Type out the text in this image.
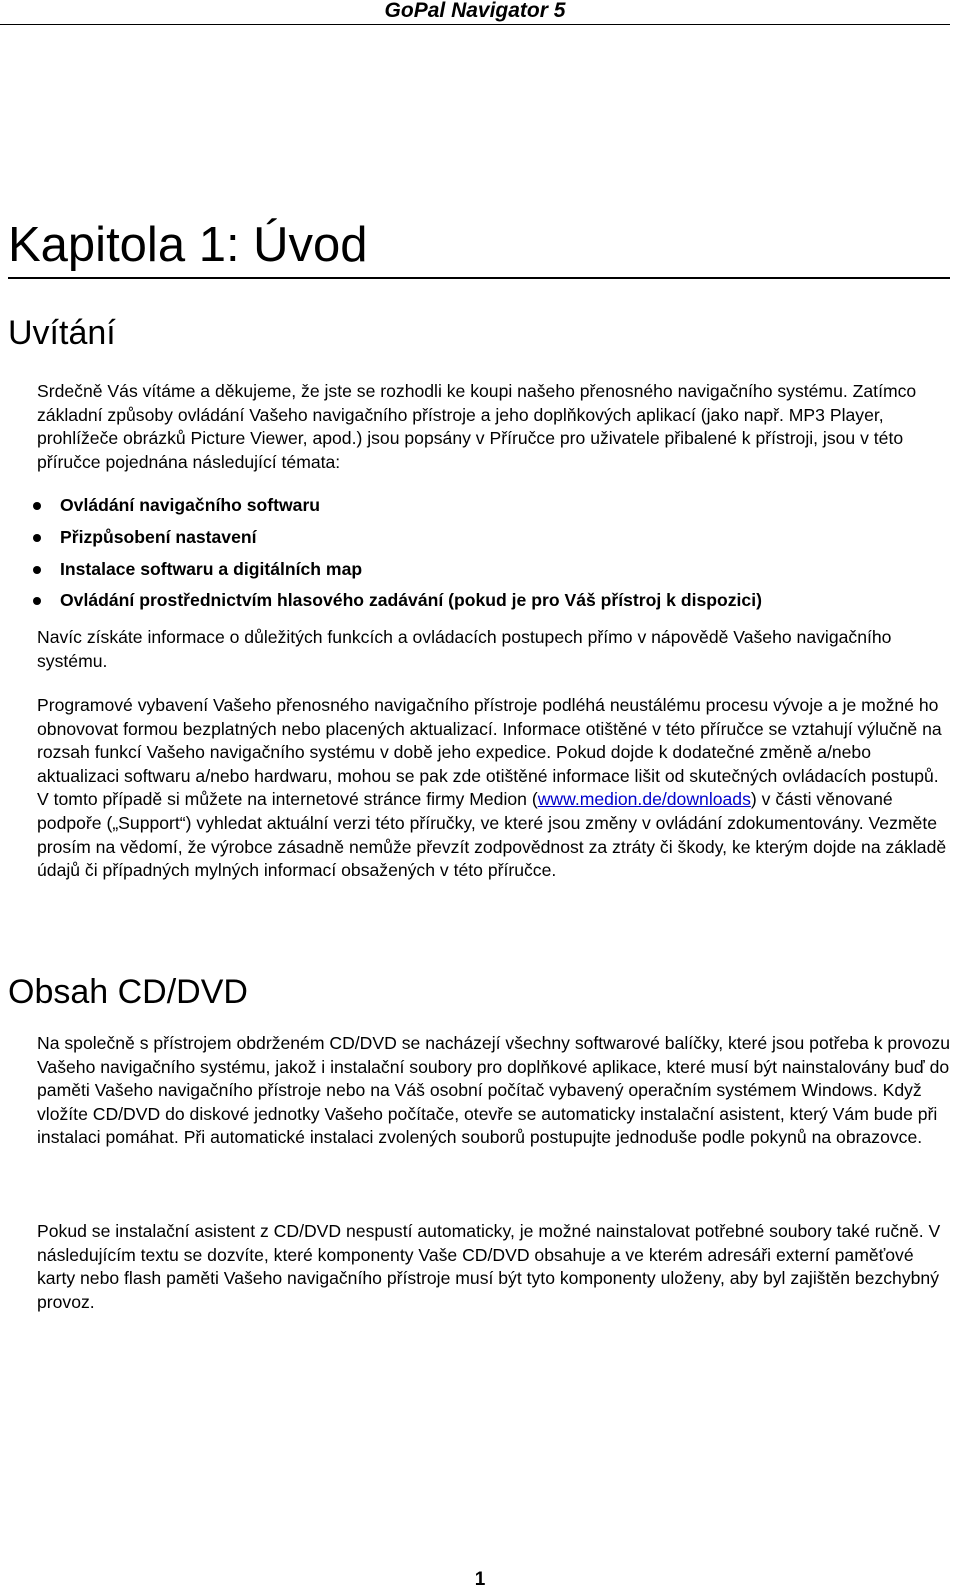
GoPal Navigator 5
Kapitola 1: Úvod
Uvítání

Srdečně Vás vítáme a děkujeme, že jste se rozhodli ke koupi našeho přenosného navigačního systému. Zatímco základní způsoby ovládání Vašeho navigačního přístroje a jeho doplňkových aplikací (jako např. MP3 Player, prohlížeče obrázků Picture Viewer, apod.) jsou popsány v Příručce pro uživatele přibalené k přístroji, jsou v této příručce pojednána následující témata:

Ovládání navigačního softwaru
Přizpůsobení nastavení
Instalace softwaru a digitálních map
Ovládání prostřednictvím hlasového zadávání (pokud je pro Váš přístroj k dispozici)

Navíc získáte informace o důležitých funkcích a ovládacích postupech přímo v nápovědě Vašeho navigačního systému.

Programové vybavení Vašeho přenosného navigačního přístroje podléhá neustálému procesu vývoje a je možné ho obnovovat formou bezplatných nebo placených aktualizací. Informace otištěné v této příručce se vztahují výlučně na rozsah funkcí Vašeho navigačního systému v době jeho expedice. Pokud dojde k dodatečné změně a/nebo aktualizaci softwaru a/nebo hardwaru, mohou se pak zde otištěné informace lišit od skutečných ovládacích postupů. V tomto případě si můžete na internetové stránce firmy Medion (www.medion.de/downloads) v části věnované podpoře („Support“) vyhledat aktuální verzi této příručky, ve které jsou změny v ovládání zdokumentovány. Vezměte prosím na vědomí, že výrobce zásadně nemůže převzít zodpovědnost za ztráty či škody, ke kterým dojde na základě údajů či případných mylných informací obsažených v této příručce.

Obsah CD/DVD

Na společně s přístrojem obdrženém CD/DVD se nacházejí všechny softwarové balíčky, které jsou potřeba k provozu Vašeho navigačního systému, jakož i instalační soubory pro doplňkové aplikace, které musí být nainstalovány buď do paměti Vašeho navigačního přístroje nebo na Váš osobní počítač vybavený operačním systémem Windows. Když vložíte CD/DVD do diskové jednotky Vašeho počítače, otevře se automaticky instalační asistent, který Vám bude při instalaci pomáhat. Při automatické instalaci zvolených souborů postupujte jednoduše podle pokynů na obrazovce.

Pokud se instalační asistent z CD/DVD nespustí automaticky, je možné nainstalovat potřebné soubory také ručně. V následujícím textu se dozvíte, které komponenty Vaše CD/DVD obsahuje a ve kterém adresáři externí paměťové karty nebo flash paměti Vašeho navigačního přístroje musí být tyto komponenty uloženy, aby byl zajištěn bezchybný provoz.

1
